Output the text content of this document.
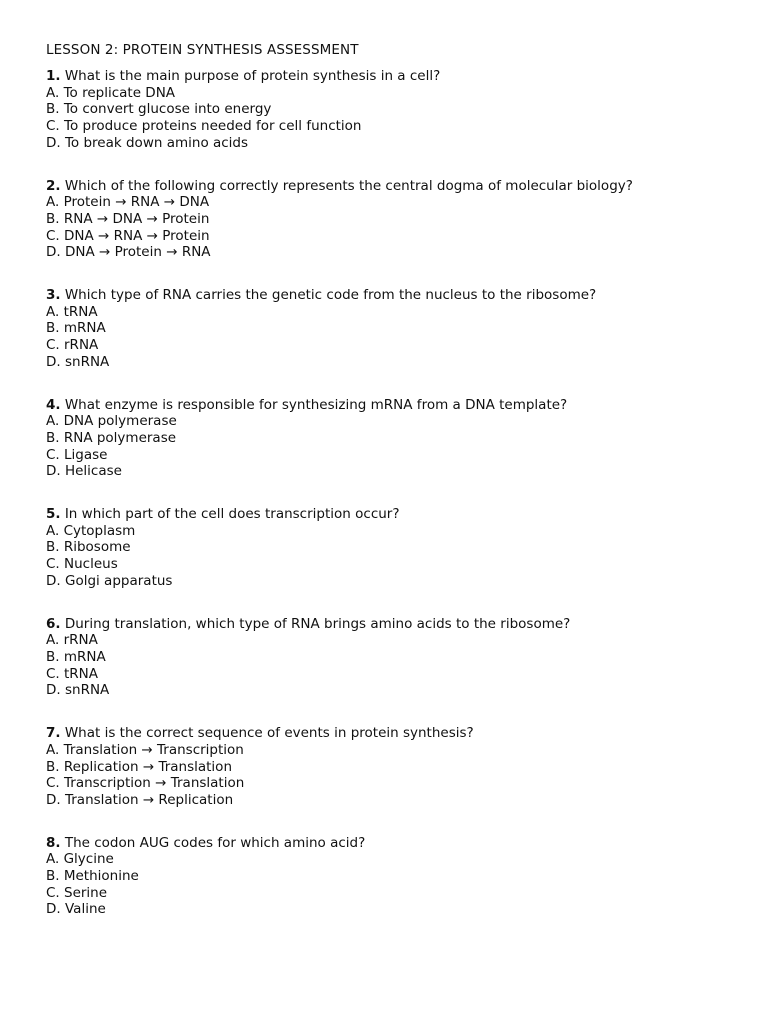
LESSON 2: PROTEIN SYNTHESIS ASSESSMENT

1. What is the main purpose of protein synthesis in a cell?

A. To replicate DNA
B. To convert glucose into energy
C. To produce proteins needed for cell function
D. To break down amino acids

2. Which of the following correctly represents the central dogma of molecular biology?

A. Protein → RNA → DNA
B. RNA → DNA → Protein
C. DNA → RNA → Protein
D. DNA → Protein → RNA

3. Which type of RNA carries the genetic code from the nucleus to the ribosome?

A. tRNA
B. mRNA
C. rRNA
D. snRNA

4. What enzyme is responsible for synthesizing mRNA from a DNA template?

A. DNA polymerase
B. RNA polymerase
C. Ligase
D. Helicase

5. In which part of the cell does transcription occur?

A. Cytoplasm
B. Ribosome
C. Nucleus
D. Golgi apparatus

6. During translation, which type of RNA brings amino acids to the ribosome?

A. rRNA
B. mRNA
C. tRNA
D. snRNA

7. What is the correct sequence of events in protein synthesis?

A. Translation → Transcription
B. Replication → Translation
C. Transcription → Translation
D. Translation → Replication

8. The codon AUG codes for which amino acid?

A. Glycine
B. Methionine
C. Serine
D. Valine
